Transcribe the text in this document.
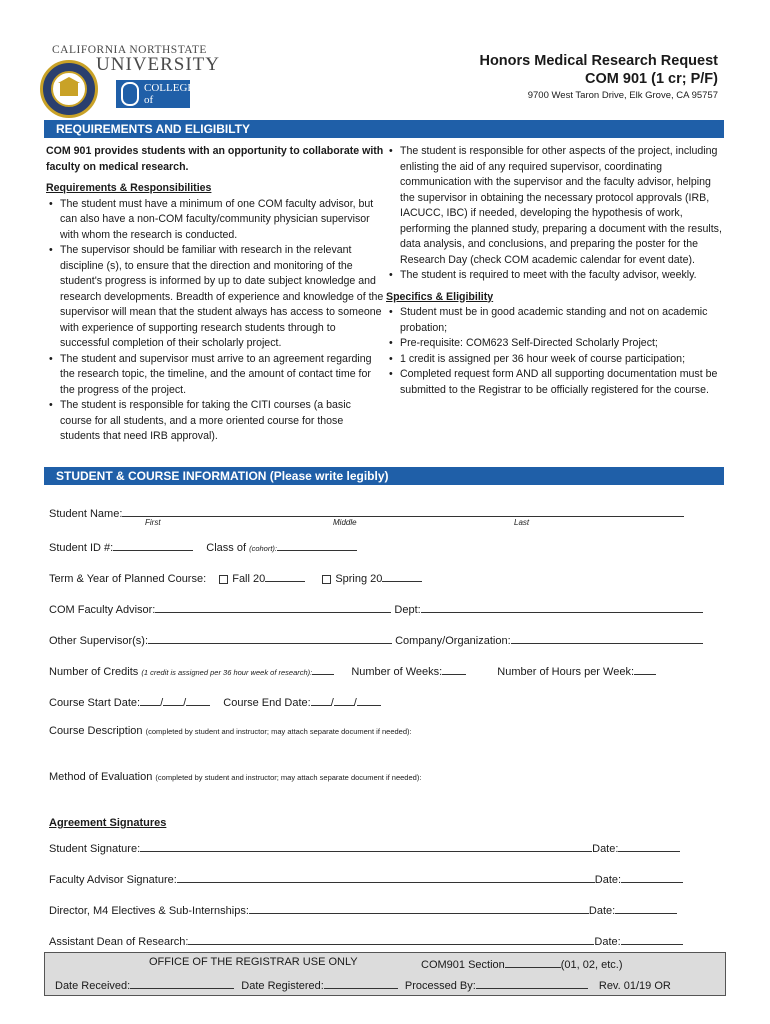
CALIFORNIA NORTHSTATE
UNIVERSITY
COLLEGE of
MEDICINE
Honors Medical Research Request
COM 901 (1 cr; P/F)
9700 West Taron Drive, Elk Grove, CA 95757
REQUIREMENTS AND ELIGIBILTY

COM 901 provides students with an opportunity to collaborate with faculty on medical research.

Requirements & Responsibilities

• The student must have a minimum of one COM faculty advisor, but can also have a non-COM faculty/community physician supervisor with whom the research is conducted.
• The supervisor should be familiar with research in the relevant discipline (s), to ensure that the direction and monitoring of the student's progress is informed by up to date subject knowledge and research developments. Breadth of experience and knowledge of the supervisor will mean that the student always has access to someone with experience of supporting research students through to successful completion of their scholarly project.
• The student and supervisor must arrive to an agreement regarding the research topic, the timeline, and the amount of contact time for the progress of the project.
• The student is responsible for taking the CITI courses (a basic course for all students, and a more oriented course for those students that need IRB approval).
• The student is responsible for other aspects of the project, including enlisting the aid of any required supervisor, coordinating communication with the supervisor and the faculty advisor, helping the supervisor in obtaining the necessary protocol approvals (IRB, IACUCC, IBC) if needed, developing the hypothesis of work, performing the planned study, preparing a document with the results, data analysis, and conclusions, and preparing the poster for the Research Day (check COM academic calendar for event date).
• The student is required to meet with the faculty advisor, weekly.

Specifics & Eligibility

• Student must be in good academic standing and not on academic probation;
• Pre-requisite: COM623 Self-Directed Scholarly Project;
• 1 credit is assigned per 36 hour week of course participation;
• Completed request form AND all supporting documentation must be submitted to the Registrar to be officially registered for the course.
STUDENT & COURSE INFORMATION (Please write legibly)
Student Name:
First	Middle	Last
Student ID #:	Class of (cohort):
Term & Year of Planned Course: Fall 20	Spring 20
COM Faculty Advisor:	Dept:
Other Supervisor(s):	Company/Organization:
Number of Credits (1 credit is assigned per 36 hour week of research):	Number of Weeks:	Number of Hours per Week:
Course Start Date: / /	Course End Date: / /
Course Description (completed by student and instructor; may attach separate document if needed):
Method of Evaluation (completed by student and instructor; may attach separate document if needed):
Agreement Signatures
Student Signature:	Date:
Faculty Advisor Signature:	Date:
Director, M4 Electives & Sub-Internships:	Date:
Assistant Dean of Research:	Date:
OFFICE OF THE REGISTRAR USE ONLY	COM901 Section	(01, 02, etc.)
Date Received:	Date Registered:	Processed By:	Rev. 01/19 OR
